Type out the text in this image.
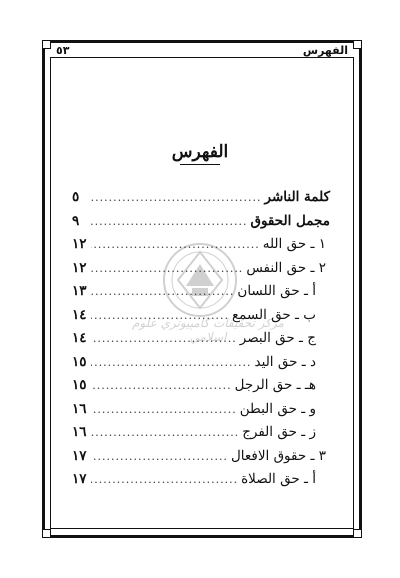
الفهرس
٥٣
الفهرس
مركز تحقيقات كامپيوتري علوم اسلامي
كلمة الناشر
.....
٥
مجمل الحقوق
.....
٩
١ ـ حق الله
.....
١٢
٢ ـ حق النفس
.....
١٢
أ ـ حق اللسان
.....
١٣
ب ـ حق السمع
.....
١٤
ج ـ حق البصر
.....
١٤
د ـ حق اليد
.....
١٥
هـ ـ حق الرجل
.....
١٥
و ـ حق البطن
.....
١٦
ز ـ حق الفرج
.....
١٦
٣ ـ حقوق الافعال
.....
١٧
أ ـ حق الصلاة
.....
١٧
